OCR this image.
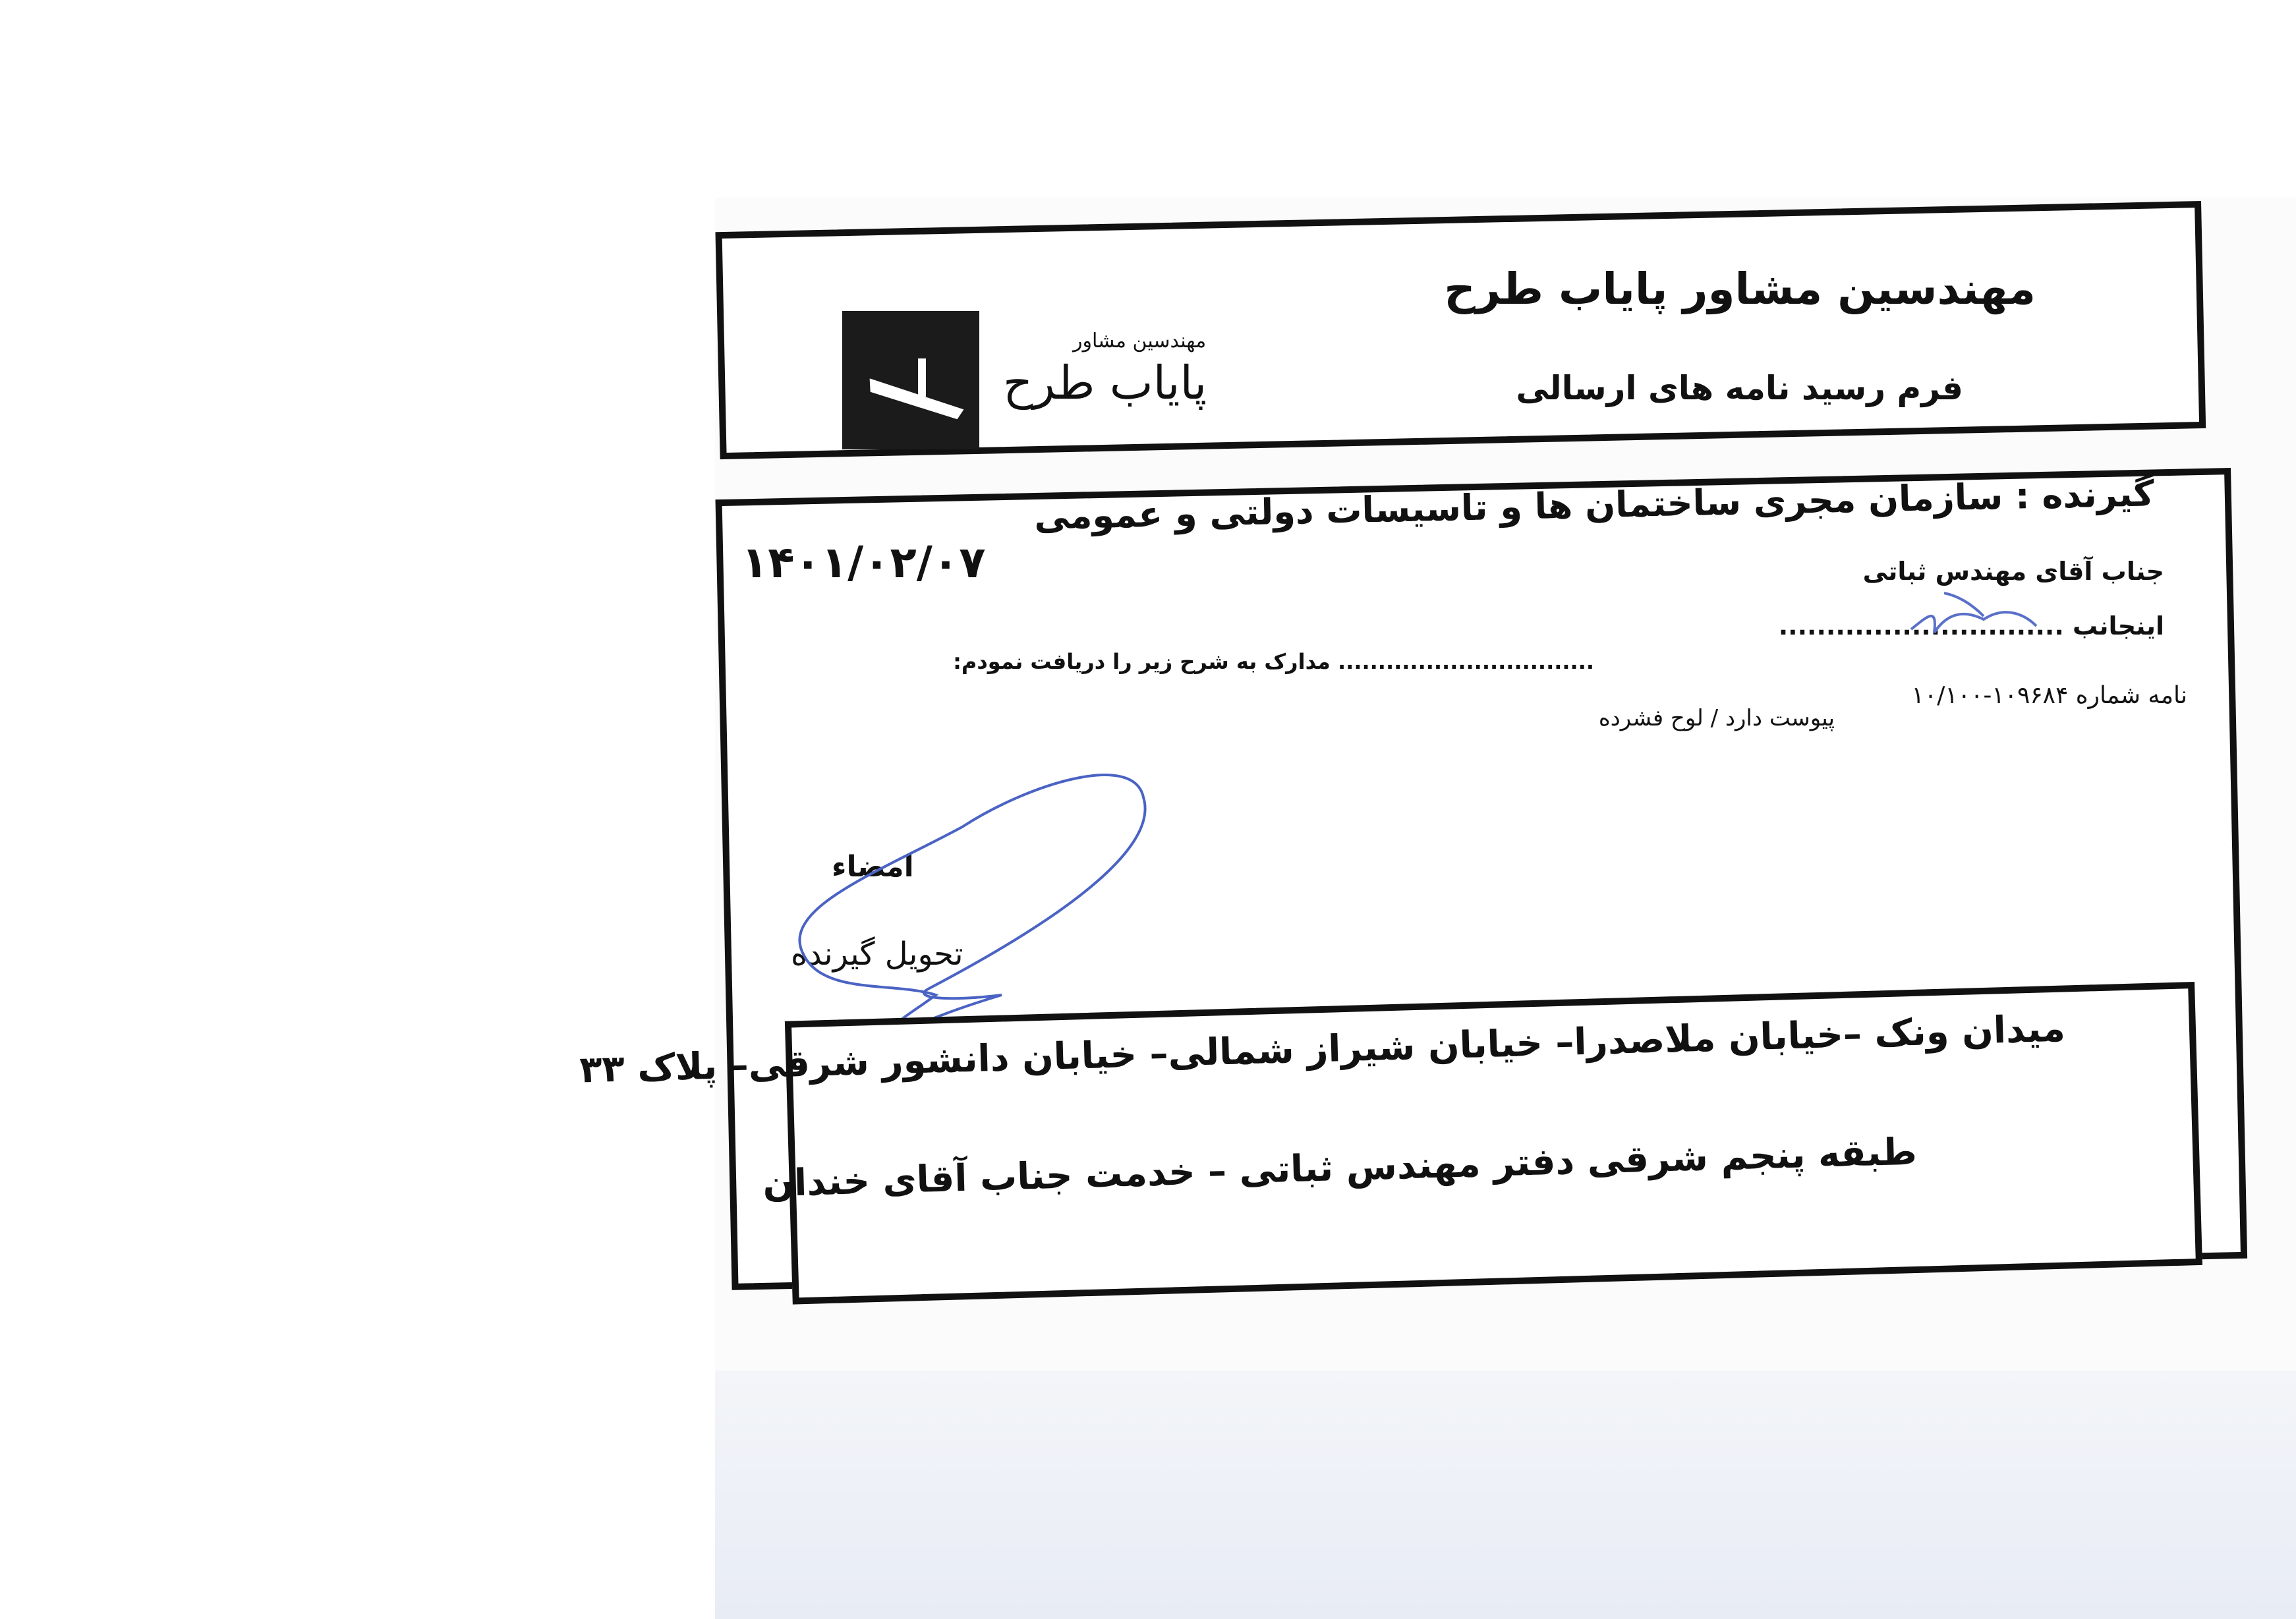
مهندسین مشاور پایاب طرح
فرم رسید نامه های ارسالی
مهندسین مشاور
پایاب طرح
گیرنده : سازمان مجری ساختمان ها و تاسیسات دولتی و عمومی
جناب آقای مهندس ثباتی
۱۴۰۱/۰۲/۰۷
اینجانب ..............................
................................ مدارک به شرح زیر را دریافت نمودم:
نامه شماره ۱۰۹۶۸۴-۱۰/۱۰۰
پیوست دارد / لوح فشرده
امضاء
تحویل گیرنده
میدان ونک –خیابان ملاصدرا– خیابان شیراز شمالی– خیابان دانشور شرقی– پلاک ۳۳
طبقه پنجم شرقی دفتر مهندس ثباتی – خدمت جناب آقای خندان
